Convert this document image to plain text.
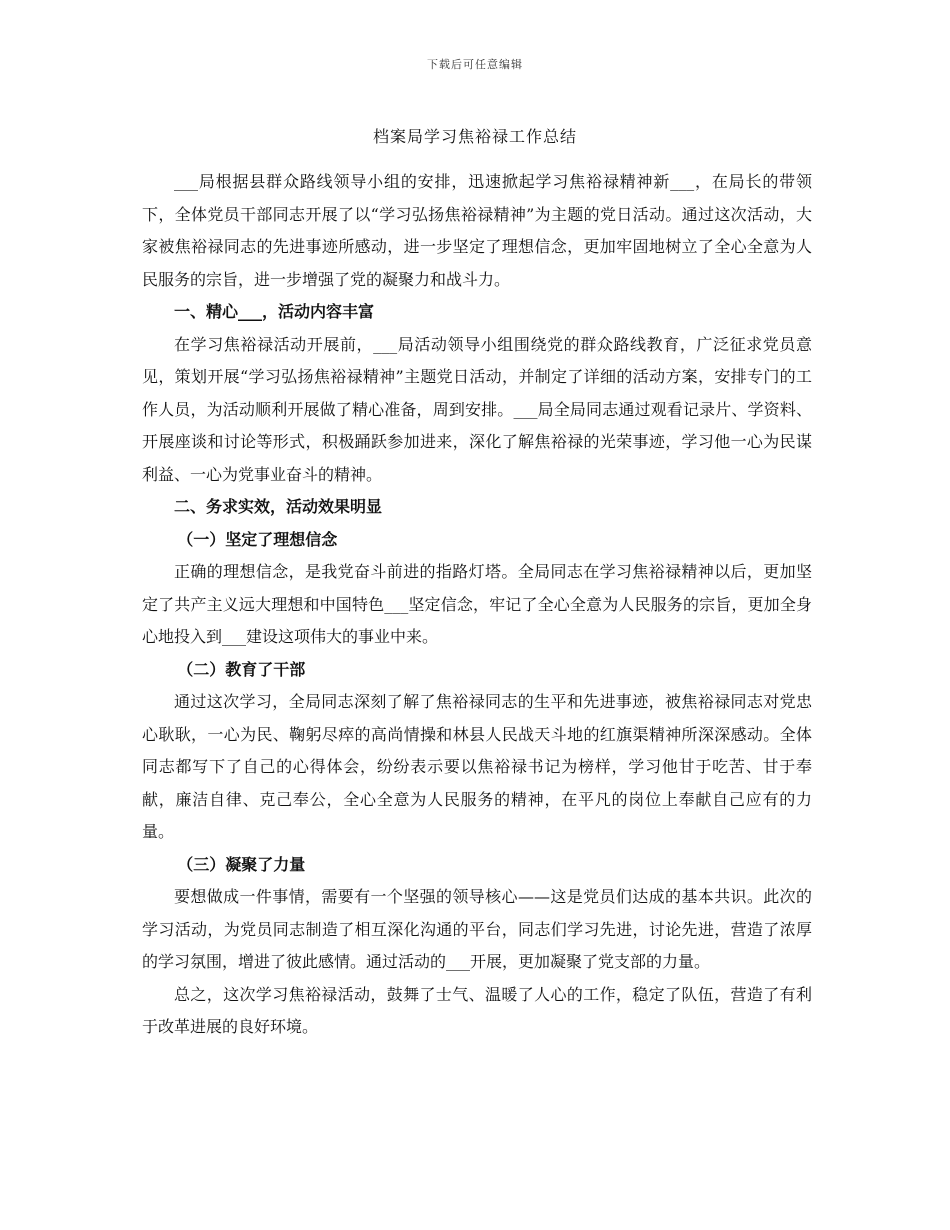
下载后可任意编辑
档案局学习焦裕禄工作总结

___局根据县群众路线领导小组的安排，迅速掀起学习焦裕禄精神新___，在局长的带领下，全体党员干部同志开展了以“学习弘扬焦裕禄精神”为主题的党日活动。通过这次活动，大家被焦裕禄同志的先进事迹所感动，进一步坚定了理想信念，更加牢固地树立了全心全意为人民服务的宗旨，进一步增强了党的凝聚力和战斗力。

一、精心___，活动内容丰富

在学习焦裕禄活动开展前，___局活动领导小组围绕党的群众路线教育，广泛征求党员意见，策划开展“学习弘扬焦裕禄精神”主题党日活动，并制定了详细的活动方案，安排专门的工作人员，为活动顺利开展做了精心准备，周到安排。___局全局同志通过观看记录片、学资料、开展座谈和讨论等形式，积极踊跃参加进来，深化了解焦裕禄的光荣事迹，学习他一心为民谋利益、一心为党事业奋斗的精神。

二、务求实效，活动效果明显

（一）坚定了理想信念

正确的理想信念，是我党奋斗前进的指路灯塔。全局同志在学习焦裕禄精神以后，更加坚定了共产主义远大理想和中国特色___坚定信念，牢记了全心全意为人民服务的宗旨，更加全身心地投入到___建设这项伟大的事业中来。

（二）教育了干部

通过这次学习，全局同志深刻了解了焦裕禄同志的生平和先进事迹，被焦裕禄同志对党忠心耿耿，一心为民、鞠躬尽瘁的高尚情操和林县人民战天斗地的红旗渠精神所深深感动。全体同志都写下了自己的心得体会，纷纷表示要以焦裕禄书记为榜样，学习他甘于吃苦、甘于奉献，廉洁自律、克己奉公，全心全意为人民服务的精神，在平凡的岗位上奉献自己应有的力量。

（三）凝聚了力量

要想做成一件事情，需要有一个坚强的领导核心——这是党员们达成的基本共识。此次的学习活动，为党员同志制造了相互深化沟通的平台，同志们学习先进，讨论先进，营造了浓厚的学习氛围，增进了彼此感情。通过活动的___开展，更加凝聚了党支部的力量。

总之，这次学习焦裕禄活动，鼓舞了士气、温暖了人心的工作，稳定了队伍，营造了有利于改革进展的良好环境。
